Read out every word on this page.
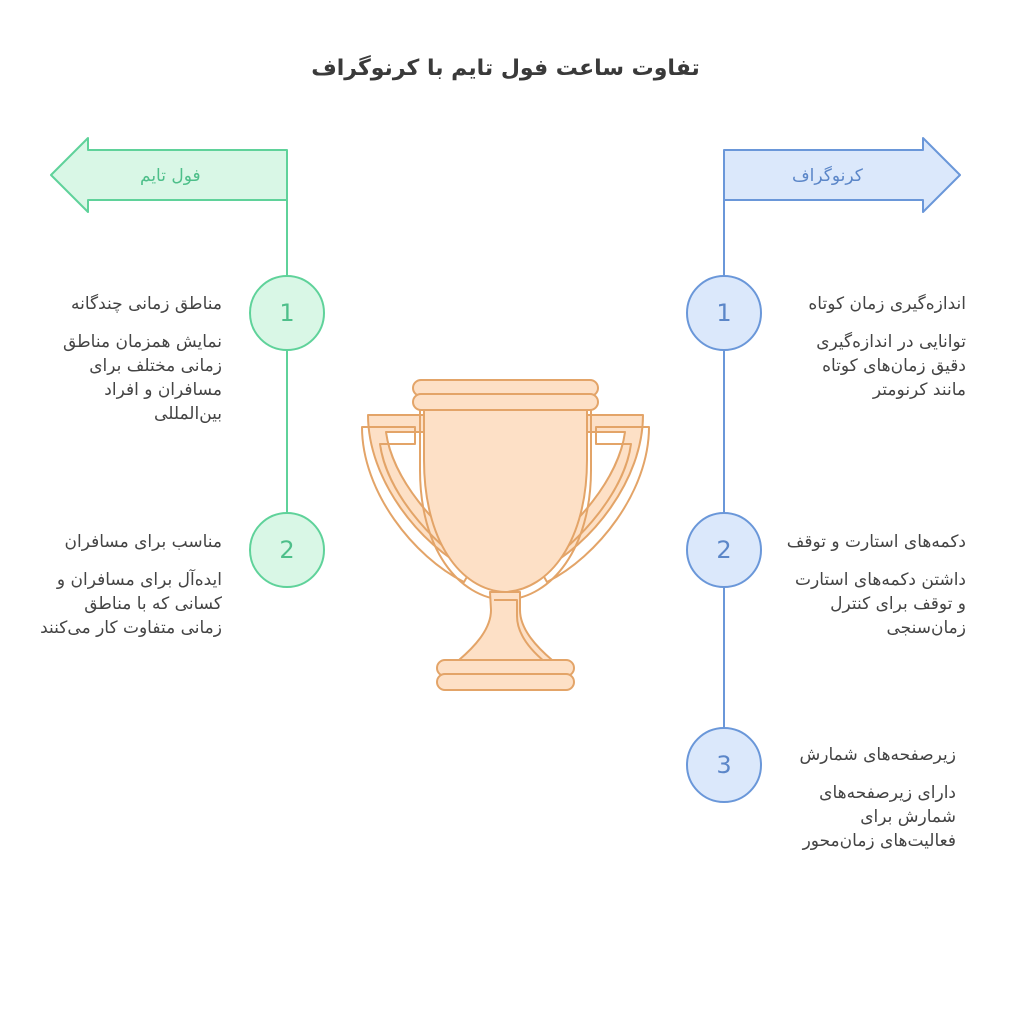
تفاوت ساعت فول تایم با کرنوگراف
فول تایم	کرنوگراف
1
2
1
2
3

مناطق زمانی چندگانه

نمایش همزمان مناطق زمانی مختلف برای مسافران و افراد بین‌المللی

مناسب برای مسافران

ایده‌آل برای مسافران و کسانی که با مناطق زمانی متفاوت کار می‌کنند

اندازه‌گیری زمان کوتاه

توانایی در اندازه‌گیری دقیق زمان‌های کوتاه مانند کرنومتر

دکمه‌های استارت و توقف

داشتن دکمه‌های استارت و توقف برای کنترل زمان‌سنجی

زیرصفحه‌های شمارش

دارای زیرصفحه‌های شمارش برای فعالیت‌های زمان‌محور
